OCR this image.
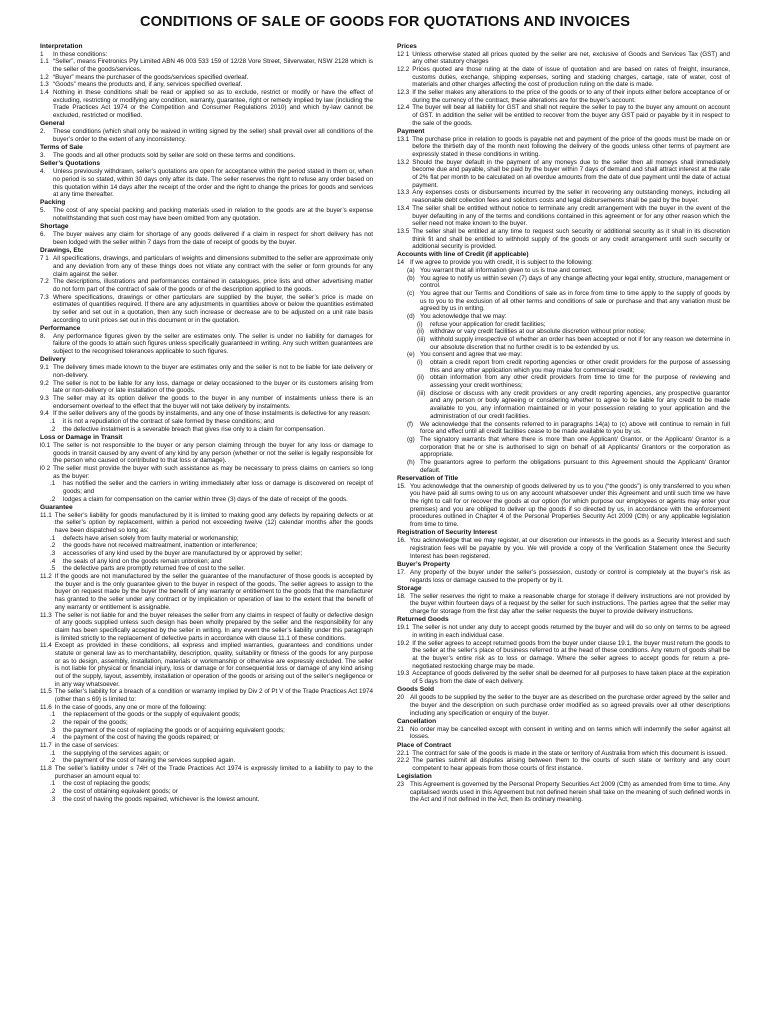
CONDITIONS OF SALE OF GOODS FOR QUOTATIONS AND INVOICES
Interpretation
1	In these conditions:
1.1 “Seller”, means Firetronics Pty Limited ABN 46 003 533 159 of 12/28 Vore Street, Silverwater, NSW 2128 which is the seller of the goods/services.
1.2 “Buyer” means the purchaser of the goods/services specified overleaf.
1.3 “Goods” means the products and, if any, services specified overleaf.
1.4 Nothing in these conditions shall be read or applied so as to exclude, restrict or modify or have the effect of excluding, restricting or modifying any condition, warranty, guarantee, right or remedy implied by law (including the Trade Practices Act 1974 or the Competition and Consumer Regulations 2010) and which by-law cannot be excluded, restricted or modified.
General
2.	These conditions (which shall only be waived in writing signed by the seller) shall prevail over all conditions of the buyer’s order to the extent of any inconsistency.
Terms of Sale
3.	The goods and all other products sold by seller are sold on these terms and conditions.
Seller’s Quotations
4.	Unless previously withdrawn, seller’s quotations are open for acceptance within the period stated in them or, when no period is so stated, within 30 days only after its date. The seller reserves the right to refuse any order based on this quotation within 14 days after the receipt of the order and the right to change the prices for goods and services at any time thereafter.
Packing
5.	The cost of any special packing and packing materials used in relation to the goods are at the buyer’s expense notwithstanding that such cost may have been omitted from any quotation.
Shortage
6.	The buyer waives any claim for shortage of any goods delivered if a claim in respect for short delivery has not been lodged with the seller within 7 days from the date of receipt of goods by the buyer.
Drawings, Etc
7 1 All specifications, drawings, and particulars of weights and dimensions submitted to the seller are approximate only and any deviation from any of these things does not vitiate any contract with the seller or form grounds for any claim against the seller.
7.2 The descriptions, illustrations and performances contained in catalogues, price lists and other advertising matter do not form part of the contract of sale of the goods or of the description applied to the goods.
7.3 Where specifications, drawings or other particulars are supplied by the buyer, the seller’s price is made on estimates of quantities required. If there are any adjustments in quantities above or below the quantities estimated by seller and set out in a quotation, then any such increase or decrease are to be adjusted on a unit rate basis according to unit prices set out in this document or in the quotation.
Performance
8.	Any performance figures given by the seller are estimates only. The seller is under no liability for damages for failure of the goods to attain such figures unless specifically guaranteed in writing. Any such written guarantees are subject to the recognised tolerances applicable to such figures.
Delivery
9.1 The delivery times made known to the buyer are estimates only and the seller is not to be liable for late delivery or non-delivery.
9.2 The seller is not to be liable for any loss, damage or delay occasioned to the buyer or its customers arising from late or non-delivery or late installation of the goods.
9.3 The seller may at its option deliver the goods to the buyer in any number of instalments unless there is an endorsement overleaf to the effect that the buyer will not take delivery by instalments.
9.4 If the seller delivers any of the goods by instalments, and any one of those instalments is defective for any reason:
.1	it is not a repudiation of the contract of sale formed by these conditions; and
.2	the defective instalment is a severable breach that gives rise only to a claim for compensation.
Loss or Damage in Transit
l0.1 The seller is not responsible to the buyer or any person claiming through the buyer for any loss or damage to goods in transit caused by any event of any kind by any person (whether or not the seller is legally responsible for the person who caused or contributed to that loss or damage).
l0 2 The seller must provide the buyer with such assistance as may be necessary to press claims on carriers so long as the buyer:
.1	has notified the seller and the carriers in writing immediately after loss or damage is discovered on receipt of goods; and
.2	lodges a claim for compensation on the carrier within three (3) days of the date of receipt of the goods.
Guarantee
11.1 The seller’s liability for goods manufactured by it is limited to making good any defects by repairing defects or at the seller’s option by replacement, within a period not exceeding twelve (12) calendar months after the goods have been dispatched so long as:
.1	defects have arisen solely from faulty material or workmanship;
.2	the goods have not received maltreatment, inattention or interference;
.3	accessories of any kind used by the buyer are manufactured by or approved by seller;
.4	the seals of any kind on the goods remain unbroken; and
.5	the defective parts are promptly returned free of cost to the seller.
11.2 If the goods are not manufactured by the seller the guarantee of the manufacturer of those goods is accepted by the buyer and is the only guarantee given to the buyer in respect of the goods. The seller agrees to assign to the buyer on request made by the buyer the benefit of any warranty or entitlement to the goods that the manufacturer has granted to the seller under any contract or by implication or operation of law to the extent that the benefit of any warranty or entitlement is assignable.
11.3 The seller is not liable for and the buyer releases the seller from any claims in respect of faulty or defective design of any goods supplied unless such design has been wholly prepared by the seller and the responsibility for any claim has been specifically accepted by the seller in writing. In any event the seller’s liability under this paragraph is limited strictly to the replacement of defective parts in accordance with clause 11.1 of these conditions.
11.4 Except as provided in these conditions, all express and implied warranties, guarantees and conditions under statute or general law as to merchantability, description, quality, suitability or fitness of the goods for any purpose or as to design, assembly, installation, materials or workmanship or otherwise are expressly excluded. The seller is not liable for physical or financial injury, loss or damage or for consequential loss or damage of any kind arising out of the supply, layout, assembly, installation or operation of the goods or arising out of the seller’s negligence or in any way whatsoever.
11.5 The seller’s liability for a breach of a condition or warranty implied by Div 2 of Pt V of the Trade Practices Act 1974 (other than s 69) is limited to:
11.6 In the case of goods, any one or more of the following:
.1	the replacement of the goods or the supply of equivalent goods;
.2	the repair of the goods;
.3	the payment of the cost of replacing the goods or of acquiring equivalent goods;
.4	the payment of the cost of having the goods repaired; or
11.7 in the case of services:
.1	the supplying of the services again; or
.2	the payment of the cost of having the services supplied again.
11.8 The seller’s liability under s 74H of the Trade Practices Act 1974 is expressly limited to a liability to pay to the purchaser an amount equal to:
.1	the cost of replacing the goods;
.2	the cost of obtaining equivalent goods; or
.3	the cost of having the goods repaired, whichever is the lowest amount.
Prices
12 1 Unless otherwise stated all prices quoted by the seller are net, exclusive of Goods and Services Tax (GST) and any other statutory charges
12.2 Prices quoted are those ruling at the date of issue of quotation and are based on rates of freight, insurance, customs duties, exchange, shipping expenses, sorting and stacking charges, cartage, rate of water, cost of materials and other charges affecting the cost of production ruling on the date is made.
12.3 If the seller makes any alterations to the price of the goods or to any of their inputs either before acceptance of or during the currency of the contract, these alterations are for the buyer’s account.
12.4 The buyer will bear all liability for GST and shall not require the seller to pay to the buyer any amount on account of GST. In addition the seller will be entitled to recover from the buyer any GST paid or payable by it in respect to the sale of the goods.
Payment
13.1 The purchase price in relation to goods is payable net and payment of the price of the goods must be made on or before the thirtieth day of the month next following the delivery of the goods unless other terms of payment are expressly stated in these conditions in writing.
13.2 Should the buyer default in the payment of any moneys due to the seller then all moneys shall immediately become due and payable, shall be paid by the buyer within 7 days of demand and shall attract interest at the rate of 2% flat per month to be calculated on all overdue amounts from the date of due payment until the date of actual payment.
13.3 Any expenses costs or disbursements incurred by the seller in recovering any outstanding moneys, including all reasonable debt collection fees and solicitors costs and legal disbursements shall be paid by the buyer.
13.4 The seller shall be entitled without notice to terminate any credit arrangement with the buyer in the event of the buyer defaulting in any of the terms and conditions contained in this agreement or for any other reason which the seller need not make known to the buyer.
13.5 The seller shall be entitled at any time to request such security or additional security as it shall in its discretion think fit and shall be entitled to withhold supply of the goods or any credit arrangement until such security or additional security is provided.
Accounts with line of Credit (if applicable)
14 If we agree to provide you with credit, it is subject to the following:
(a) You warrant that all information given to us is true and correct.
(b) You agree to notify us within seven (7) days of any change affecting your legal entity, structure, management or control.
(c) You agree that our Terms and Conditions of sale as in force from time to time apply to the supply of goods by us to you to the exclusion of all other terms and conditions of sale or purchase and that any variation must be agreed by us in writing.
(d) You acknowledge that we may:
(i)	refuse your application for credit facilities;
(ii) withdraw or vary credit facilities at our absolute discretion without prior notice;
(iii) withhold supply irrespective of whether an order has been accepted or not if for any reason we determine in our absolute discretion that no further credit is to be extended by us.
(e) You consent and agree that we may:
(i)	obtain a credit report from credit reporting agencies or other credit providers for the purpose of assessing this and any other application which you may make for commercial credit;
(ii) obtain information from any other credit providers from time to time for the purpose of reviewing and assessing your credit worthiness;
(iii) disclose or discuss with any credit providers or any credit reporting agencies, any prospective guarantor and any person or body agreeing or considering whether to agree to be liable for any credit to be made available to you, any information maintained or in your possession relating to your application and the administration of our credit facilities.
(f)	We acknowledge that the consents referred to in paragraphs 14(a) to (c) above will continue to remain in full force and effect until all credit facilities cease to be made available to you by us.
(g) The signatory warrants that where there is more than one Applicant/ Grantor, or the Applicant/ Grantor is a corporation that he or she is authorised to sign on behalf of all Applicants/ Grantors or the corporation as appropriate.
(h) The guarantors agree to perform the obligations pursuant to this Agreement should the Applicant/ Grantor default.
Reservation of Title
15. You acknowledge that the ownership of goods delivered by us to you (“the goods”) is only transferred to you when you have paid all sums owing to us on any account whatsoever under this Agreement and until such time we have the right to call for or recover the goods at our option (for which purpose our employees or agents may enter your premises) and you are obliged to deliver up the goods if so directed by us, in accordance with the enforcement procedures outlined in Chapter 4 of the Personal Properties Security Act 2009 (Cth) or any applicable legislation from time to time.
Registration of Security Interest
16. You acknowledge that we may register, at our discretion our interests in the goods as a Security Interest and such registration fees will be payable by you. We will provide a copy of the Verification Statement once the Security Interest has been registered.
Buyer’s Property
17. Any property of the buyer under the seller’s possession, custody or control is completely at the buyer’s risk as regards loss or damage caused to the property or by it.
Storage
18. The seller reserves the right to make a reasonable charge for storage if delivery instructions are not provided by the buyer within fourteen days of a request by the seller for such instructions. The parties agree that the seller may charge for storage from the first day after the seller requests the buyer to provide delivery instructions.
Returned Goods
19.1 The seller is not under any duty to accept goods returned by the buyer and will do so only on terms to be agreed in writing in each individual case.
19.2 If the seller agrees to accept returned goods from the buyer under clause 19.1, the buyer must return the goods to the seller at the seller’s place of business referred to at the head of these conditions. Any return of goods shall be at the buyer’s entire risk as to loss or damage. Where the seller agrees to accept goods for return a pre-negotiated restocking charge may be made.
19.3 Acceptance of goods delivered by the seller shall be deemed for all purposes to have taken place at the expiration of 5 days from the date of each delivery.
Goods Sold
20 All goods to be supplied by the seller to the buyer are as described on the purchase order agreed by the seller and the buyer and the description on such purchase order modified as so agreed prevails over all other descriptions including any specification or enquiry of the buyer.
Cancellation
21 No order may be cancelled except with consent in writing and on terms which will indemnify the seller against all losses.
Place of Contract
22.1 The contract for sale of the goods is made in the state or territory of Australia from which this document is issued.
22.2 The parties submit all disputes arising between them to the courts of such state or territory and any court competent to hear appeals from those courts of first instance.
Legislation
23 This Agreement is governed by the Personal Property Securities Act 2009 (Cth) as amended from time to time. Any capitalised words used in this Agreement but not defined herein shall take on the meaning of such defined words in the Act and if not defined in the Act, then its ordinary meaning.
